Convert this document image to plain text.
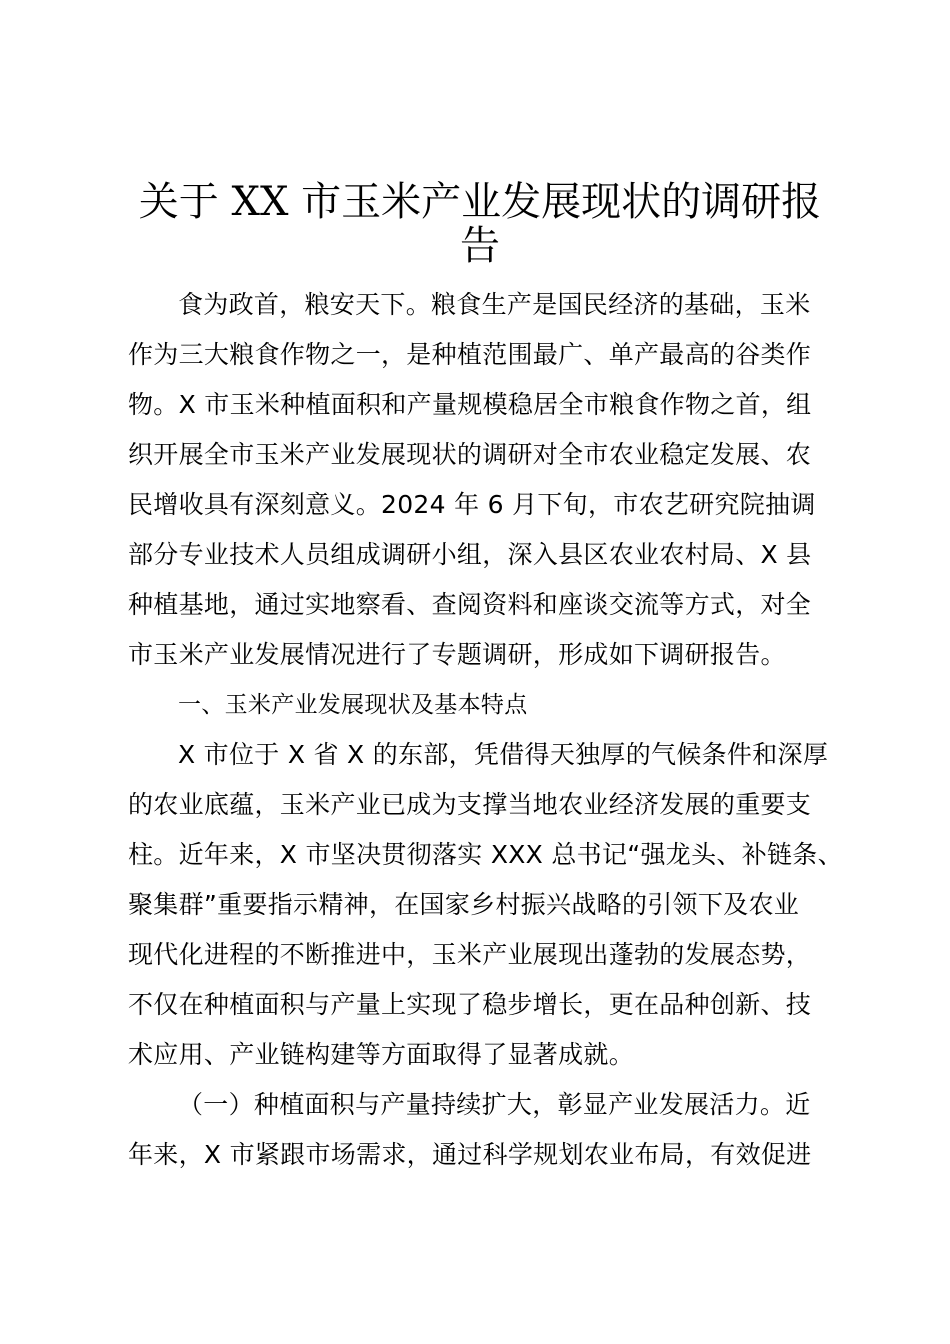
关于 XX 市玉米产业发展现状的调研报
告
食为政首，粮安天下。粮食生产是国民经济的基础，玉米
作为三大粮食作物之一，是种植范围最广、单产最高的谷类作
物。X 市玉米种植面积和产量规模稳居全市粮食作物之首，组
织开展全市玉米产业发展现状的调研对全市农业稳定发展、农
民增收具有深刻意义。2024 年 6 月下旬，市农艺研究院抽调
部分专业技术人员组成调研小组，深入县区农业农村局、X 县
种植基地，通过实地察看、查阅资料和座谈交流等方式，对全
市玉米产业发展情况进行了专题调研，形成如下调研报告。
一、玉米产业发展现状及基本特点
X 市位于 X 省 X 的东部，凭借得天独厚的气候条件和深厚
的农业底蕴，玉米产业已成为支撑当地农业经济发展的重要支
柱。近年来，X 市坚决贯彻落实 XXX 总书记“强龙头、补链条、
聚集群”重要指示精神，在国家乡村振兴战略的引领下及农业
现代化进程的不断推进中，玉米产业展现出蓬勃的发展态势，
不仅在种植面积与产量上实现了稳步增长，更在品种创新、技
术应用、产业链构建等方面取得了显著成就。
（一）种植面积与产量持续扩大，彰显产业发展活力。近
年来，X 市紧跟市场需求，通过科学规划农业布局，有效促进
